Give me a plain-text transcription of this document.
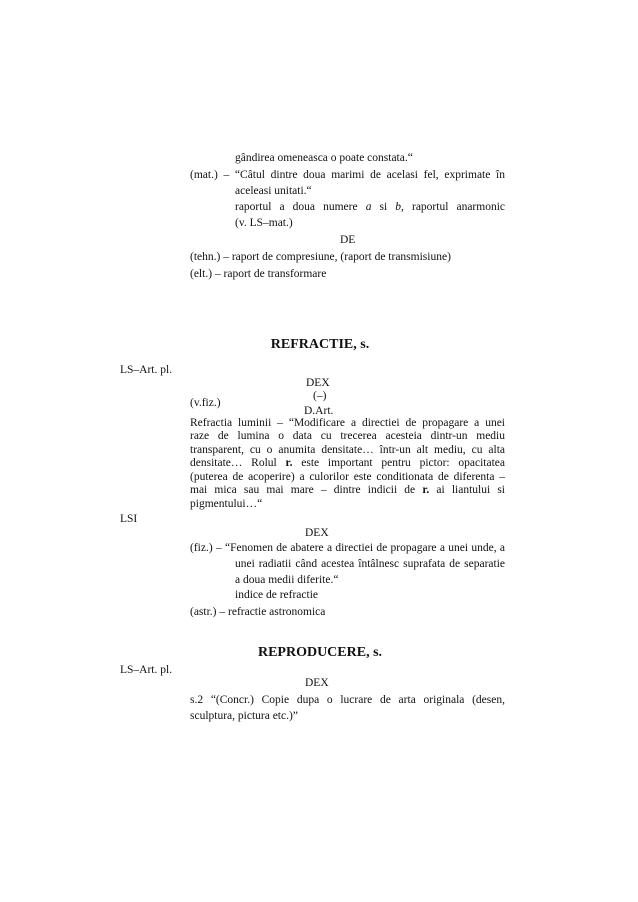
gândirea omeneasca o poate constata.“
(mat.) – “Câtul dintre doua marimi de acelasi fel, exprimate în
aceleasi unitati.“
raportul a doua numere a si b, raportul anarmonic
(v. LS–mat.)
DE
(tehn.) – raport de compresiune, (raport de transmisiune)
(elt.) – raport de transformare
REFRACTIE, s.
LS–Art. pl.
DEX
(–)
(v.fiz.)
D.Art.
Refractia luminii – “Modificare a directiei de propagare a unei
raze de lumina o data cu trecerea acesteia dintr-un mediu
transparent, cu o anumita densitate… într-un alt mediu, cu alta
densitate… Rolul r. este important pentru pictor: opacitatea
(puterea de acoperire) a culorilor este conditionata de diferenta –
mai mica sau mai mare – dintre indicii de r. ai liantului si
pigmentului…“
LSI
DEX
(fiz.) – “Fenomen de abatere a directiei de propagare a unei unde, a
unei radiatii când acestea întâlnesc suprafata de separatie
a doua medii diferite.“
indice de refractie
(astr.) – refractie astronomica
REPRODUCERE, s.
LS–Art. pl.
DEX
s.2 “(Concr.) Copie dupa o lucrare de arta originala (desen,
sculptura, pictura etc.)”
